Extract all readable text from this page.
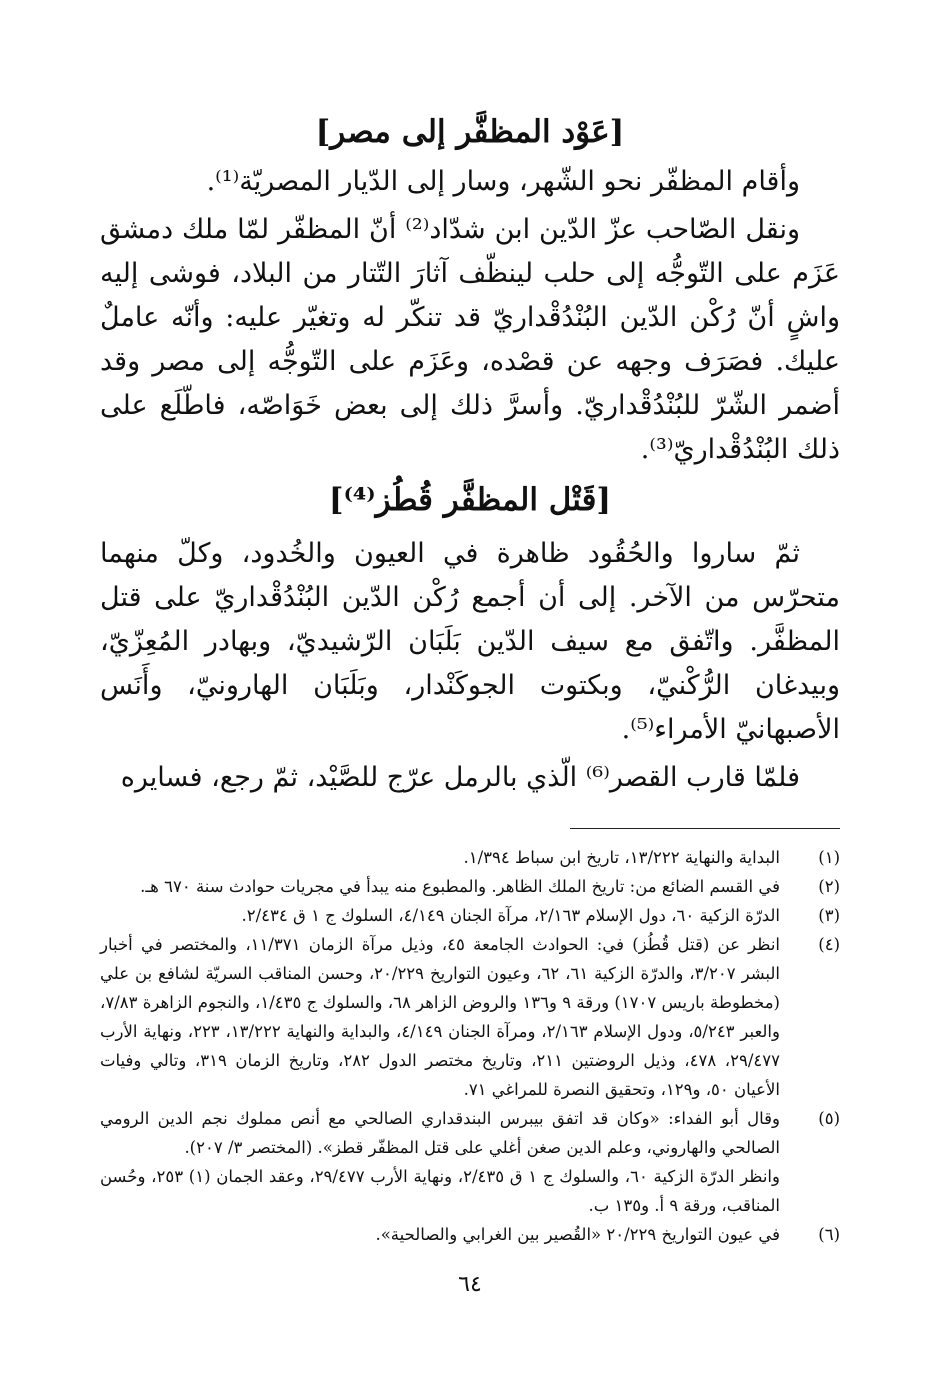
[عَوْد المظفَّر إلى مصر]

وأقام المظفّر نحو الشّهر، وسار إلى الدّيار المصريّة⁽¹⁾.

ونقل الصّاحب عزّ الدّين ابن شدّاد⁽²⁾ أنّ المظفّر لمّا ملك دمشق عَزَم على التّوجُّه إلى حلب لينظّف آثارَ التّتار من البلاد، فوشى إليه واشٍ أنّ رُكْن الدّين البُنْدُقْداريّ قد تنكّر له وتغيّر عليه: وأنّه عاملٌ عليك. فصَرَف وجهه عن قصْده، وعَزَم على التّوجُّه إلى مصر وقد أضمر الشّرّ للبُنْدُقْداريّ. وأسرَّ ذلك إلى بعض خَوَاصّه، فاطّلَع على ذلك البُنْدُقْداريّ⁽³⁾.

[قَتْل المظفَّر قُطُز⁽⁴⁾]

ثمّ ساروا والحُقُود ظاهرة في العيون والخُدود، وكلّ منهما متحرّس من الآخر. إلى أن أجمع رُكْن الدّين البُنْدُقْداريّ على قتل المظفَّر. واتّفق مع سيف الدّين بَلَبَان الرّشيديّ، وبهادر المُعِزّيّ، وبيدغان الرُّكْنيّ، وبكتوت الجوكَنْدار، وبَلَبَان الهارونيّ، وأَنَس الأصبهانيّ الأمراء⁽⁵⁾.

فلمّا قارب القصر⁽⁶⁾ الّذي بالرمل عرّج للصَّيْد، ثمّ رجع، فسايره

(١)

البداية والنهاية ١٣/٢٢٢، تاريخ ابن سباط ١/٣٩٤.

(٢)

في القسم الضائع من: تاريخ الملك الظاهر. والمطبوع منه يبدأ في مجريات حوادث سنة ٦٧٠ هـ.

(٣)

الدرّة الزكية ٦٠، دول الإسلام ٢/١٦٣، مرآة الجنان ٤/١٤٩، السلوك ج ١ ق ٢/٤٣٤.

(٤)

انظر عن (قتل قُطُز) في: الحوادث الجامعة ٤٥، وذيل مرآة الزمان ١١/٣٧١، والمختصر في أخبار البشر ٣/٢٠٧، والدرّة الزكية ٦١، ٦٢، وعيون التواريخ ٢٠/٢٢٩، وحسن المناقب السريّة لشافع بن علي (مخطوطة باريس ١٧٠٧) ورقة ٩ و١٣٦ والروض الزاهر ٦٨، والسلوك ج ١/٤٣٥، والنجوم الزاهرة ٧/٨٣، والعبر ٥/٢٤٣، ودول الإسلام ٢/١٦٣، ومرآة الجنان ٤/١٤٩، والبداية والنهاية ١٣/٢٢٢، ٢٢٣، ونهاية الأرب ٢٩/٤٧٧، ٤٧٨، وذيل الروضتين ٢١١، وتاريخ مختصر الدول ٢٨٢، وتاريخ الزمان ٣١٩، وتالي وفيات الأعيان ٥٠، و١٢٩، وتحقيق النصرة للمراغي ٧١.

(٥)

وقال أبو الفداء: «وكان قد اتفق بيبرس البندقداري الصالحي مع أنص مملوك نجم الدين الرومي الصالحي والهاروني، وعلم الدين صغن أغلي على قتل المظفّر قطز». (المختصر ٣/ ٢٠٧).

وانظر الدرّة الزكية ٦٠، والسلوك ج ١ ق ٢/٤٣٥، ونهاية الأرب ٢٩/٤٧٧، وعقد الجمان (١) ٢٥٣، وحُسن المناقب، ورقة ٩ أ. و١٣٥ ب.

(٦)

في عيون التواريخ ٢٠/٢٢٩ «القُصير بين الغرابي والصالحية».

٦٤
